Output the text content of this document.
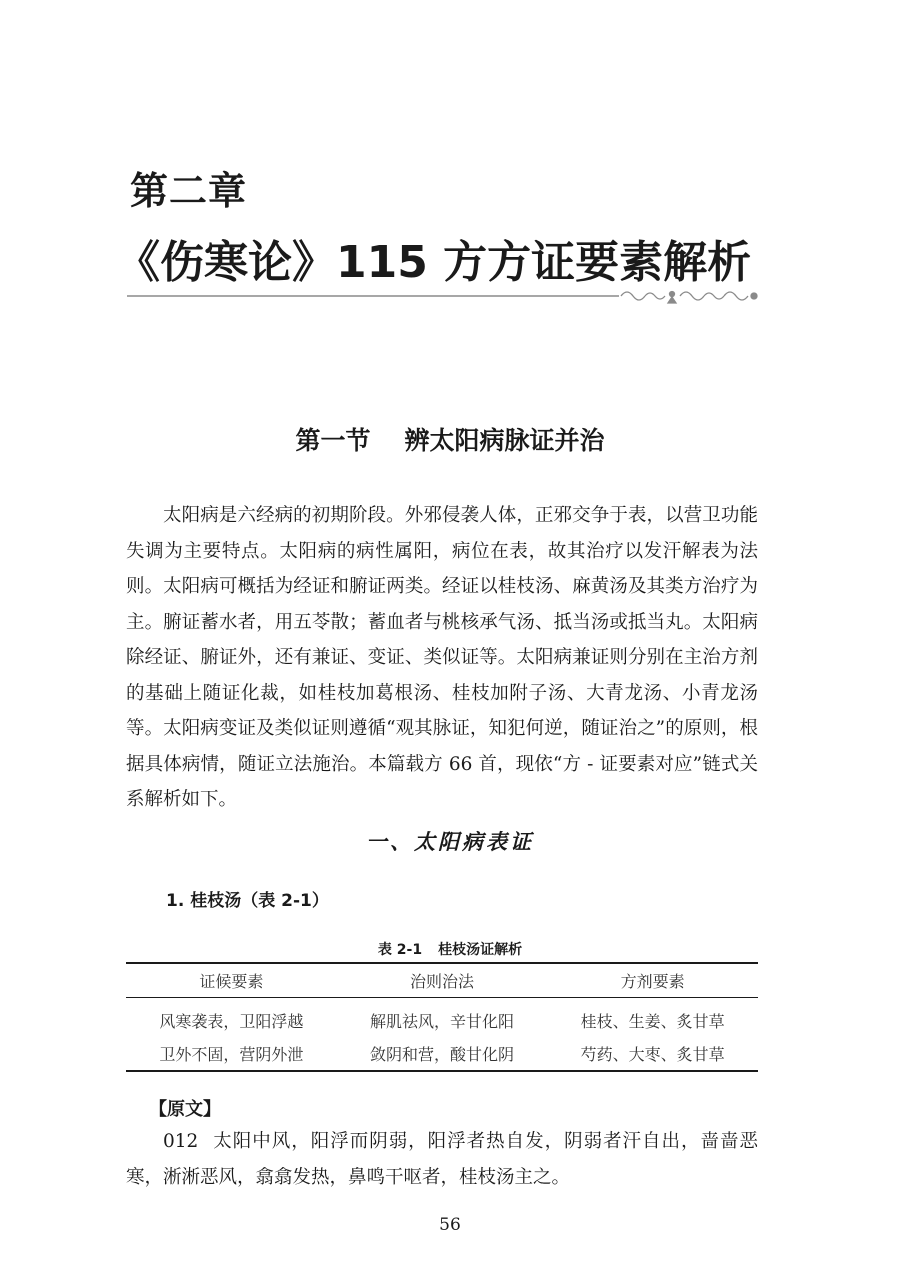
第二章
《伤寒论》115 方方证要素解析
第一节 辨太阳病脉证并治
太阳病是六经病的初期阶段。外邪侵袭人体，正邪交争于表，以营卫功能失调为主要特点。太阳病的病性属阳，病位在表，故其治疗以发汗解表为法则。太阳病可概括为经证和腑证两类。经证以桂枝汤、麻黄汤及其类方治疗为主。腑证蓄水者，用五苓散；蓄血者与桃核承气汤、抵当汤或抵当丸。太阳病除经证、腑证外，还有兼证、变证、类似证等。太阳病兼证则分别在主治方剂的基础上随证化裁，如桂枝加葛根汤、桂枝加附子汤、大青龙汤、小青龙汤等。太阳病变证及类似证则遵循“观其脉证，知犯何逆，随证治之”的原则，根据具体病情，随证立法施治。本篇载方 66 首，现依“方 - 证要素对应”链式关系解析如下。
一、太阳病表证
1. 桂枝汤（表 2-1）
表 2-1 桂枝汤证解析
证候要素	治则治法	方剂要素
风寒袭表，卫阳浮越	解肌祛风，辛甘化阳	桂枝、生姜、炙甘草
卫外不固，营阴外泄	敛阴和营，酸甘化阴	芍药、大枣、炙甘草
【原文】
012 太阳中风，阳浮而阴弱，阳浮者热自发，阴弱者汗自出，啬啬恶寒，淅淅恶风，翕翕发热，鼻鸣干呕者，桂枝汤主之。
56
